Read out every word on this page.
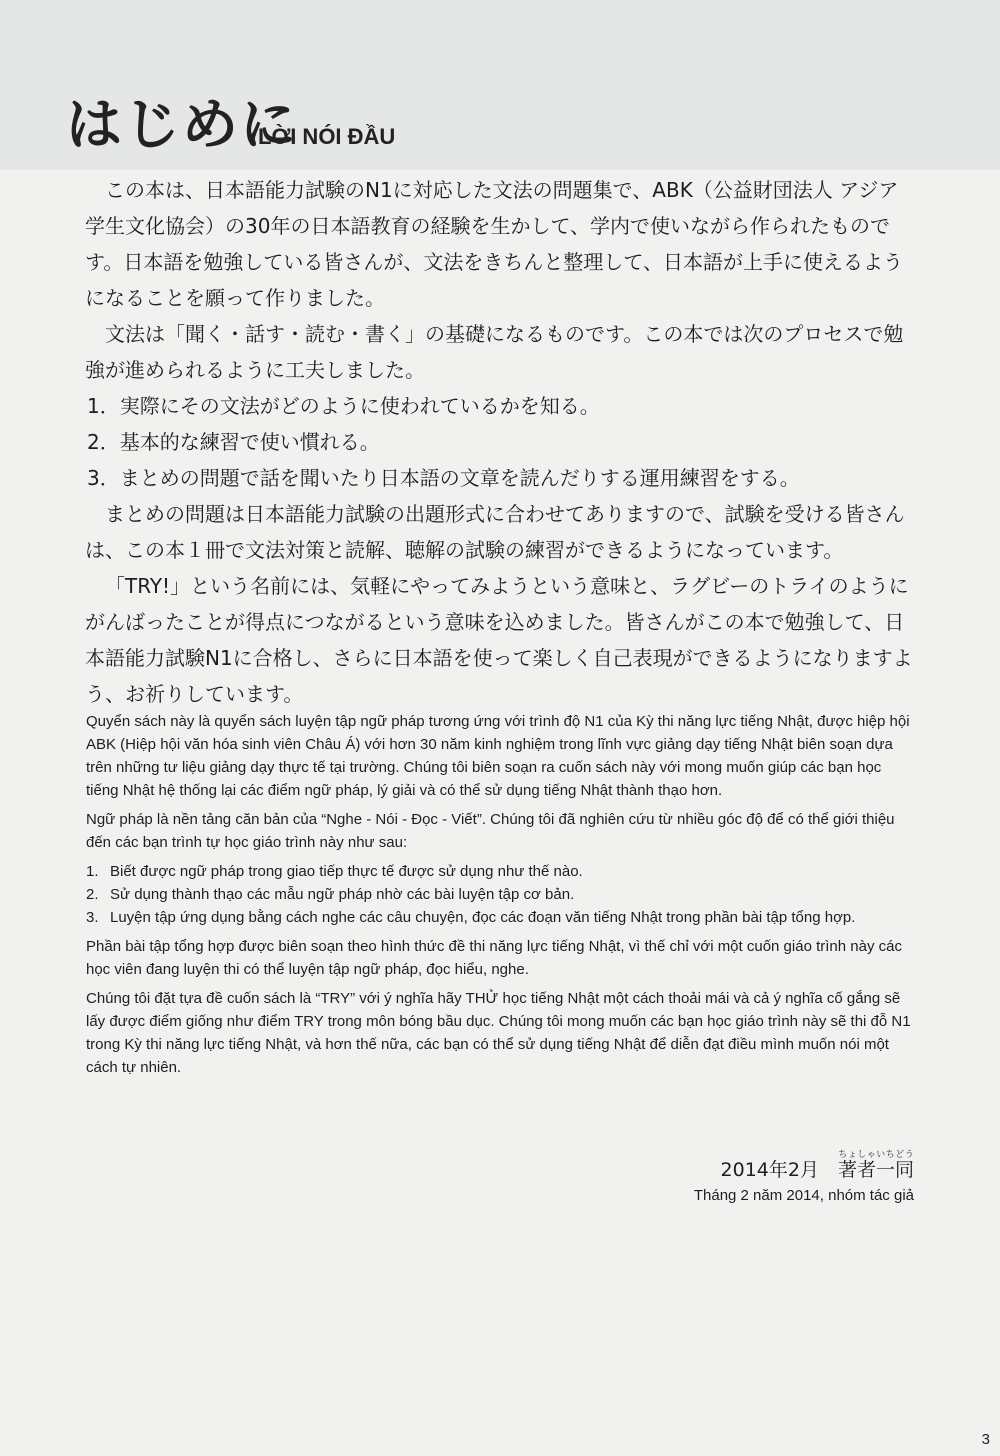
はじめに
LỜI NÓI ĐẦU

この本は、日本語能力試験のN1に対応した文法の問題集で、ABK（公益財団法人 アジア学生文化協会）の30年の日本語教育の経験を生かして、学内で使いながら作られたものです。日本語を勉強している皆さんが、文法をきちんと整理して、日本語が上手に使えるようになることを願って作りました。

文法は「聞く・話す・読む・書く」の基礎になるものです。この本では次のプロセスで勉強が進められるように工夫しました。

1．実際にその文法がどのように使われているかを知る。
2．基本的な練習で使い慣れる。
3．まとめの問題で話を聞いたり日本語の文章を読んだりする運用練習をする。

まとめの問題は日本語能力試験の出題形式に合わせてありますので、試験を受ける皆さんは、この本１冊で文法対策と読解、聴解の試験の練習ができるようになっています。

「TRY!」という名前には、気軽にやってみようという意味と、ラグビーのトライのようにがんばったことが得点につながるという意味を込めました。皆さんがこの本で勉強して、日本語能力試験N1に合格し、さらに日本語を使って楽しく自己表現ができるようになりますよう、お祈りしています。

Quyển sách này là quyển sách luyện tập ngữ pháp tương ứng với trình độ N1 của Kỳ thi năng lực tiếng Nhật, được hiệp hội ABK (Hiệp hội văn hóa sinh viên Châu Á) với hơn 30 năm kinh nghiệm trong lĩnh vực giảng dạy tiếng Nhật biên soạn dựa trên những tư liệu giảng dạy thực tế tại trường. Chúng tôi biên soạn ra cuốn sách này với mong muốn giúp các bạn học tiếng Nhật hệ thống lại các điểm ngữ pháp, lý giải và có thể sử dụng tiếng Nhật thành thạo hơn.

Ngữ pháp là nền tảng căn bản của “Nghe - Nói - Đọc - Viết”. Chúng tôi đã nghiên cứu từ nhiều góc độ để có thể giới thiệu đến các bạn trình tự học giáo trình này như sau:

1. Biết được ngữ pháp trong giao tiếp thực tế được sử dụng như thế nào.
2. Sử dụng thành thạo các mẫu ngữ pháp nhờ các bài luyện tập cơ bản.
3. Luyện tập ứng dụng bằng cách nghe các câu chuyện, đọc các đoạn văn tiếng Nhật trong phần bài tập tổng hợp.

Phần bài tập tổng hợp được biên soạn theo hình thức đề thi năng lực tiếng Nhật, vì thế chỉ với một cuốn giáo trình này các học viên đang luyện thi có thể luyện tập ngữ pháp, đọc hiểu, nghe.

Chúng tôi đặt tựa đề cuốn sách là “TRY” với ý nghĩa hãy THỬ học tiếng Nhật một cách thoải mái và cả ý nghĩa cố gắng sẽ lấy được điểm giống như điểm TRY trong môn bóng bầu dục. Chúng tôi mong muốn các bạn học giáo trình này sẽ thi đỗ N1 trong Kỳ thi năng lực tiếng Nhật, và hơn thế nữa, các bạn có thể sử dụng tiếng Nhật để diễn đạt điều mình muốn nói một cách tự nhiên.

2014年2月　 著者一同ちょしゃいちどう
Tháng 2 năm 2014, nhóm tác giả
3
